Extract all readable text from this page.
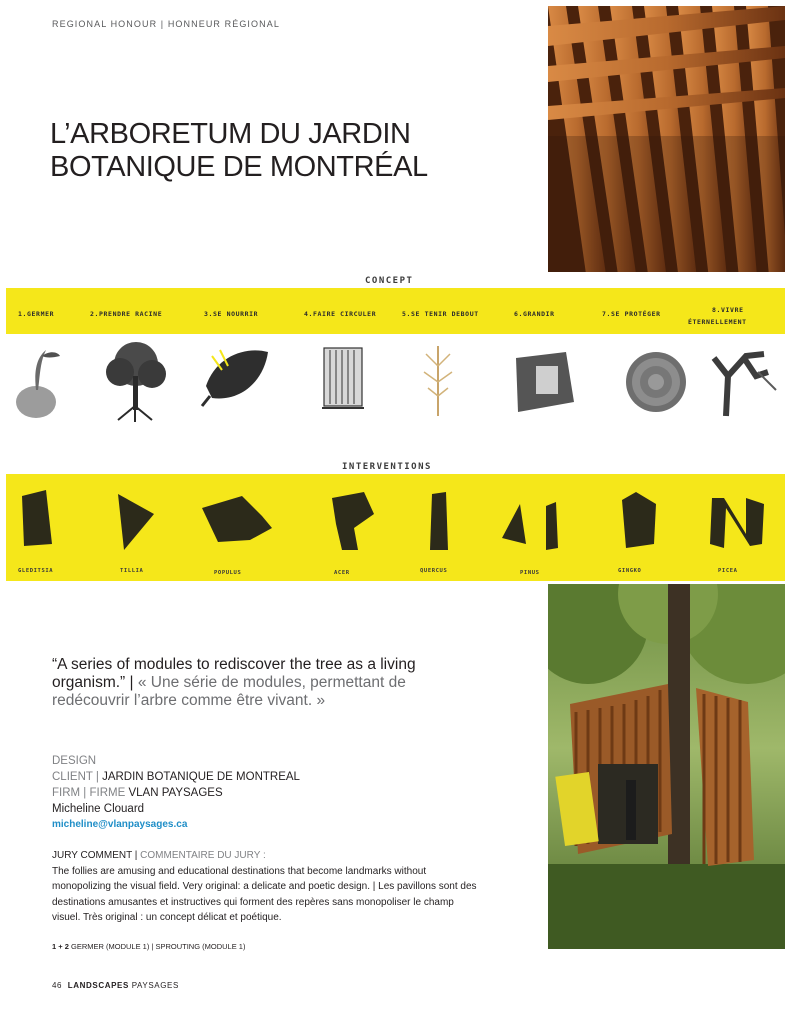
REGIONAL HONOUR | HONNEUR RÉGIONAL
L’ARBORETUM DU JARDIN
BOTANIQUE DE MONTRÉAL
CONCEPT
1.GERMER	2.PRENDRE RACINE	3.SE NOURRIR	4.FAIRE CIRCULER	5.SE TENIR DEBOUT	6.GRANDIR	7.SE PROTÉGER	8.VIVRE
ÉTERNELLEMENT
INTERVENTIONS
GLEDITSIA	TILLIA	POPULUS	ACER	QUERCUS	PINUS	GINGKO	PICEA
“A series of modules to rediscover the tree as a living organism.” | « Une série de modules, permettant de redécouvrir l’arbre comme être vivant. »
DESIGN
CLIENT | JARDIN BOTANIQUE DE MONTREAL
FIRM | FIRME VLAN PAYSAGES
Micheline Clouard
micheline@vlanpaysages.ca
JURY COMMENT | COMMENTAIRE DU JURY :
The follies are amusing and educational destinations that become landmarks without monopolizing the visual field. Very original: a delicate and poetic design. | Les pavillons sont des destinations amusantes et instructives qui forment des repères sans monopoliser le champ visuel. Très original : un concept délicat et poétique.
1 + 2 GERMER (MODULE 1) | SPROUTING (MODULE 1)
46 LANDSCAPES PAYSAGES
